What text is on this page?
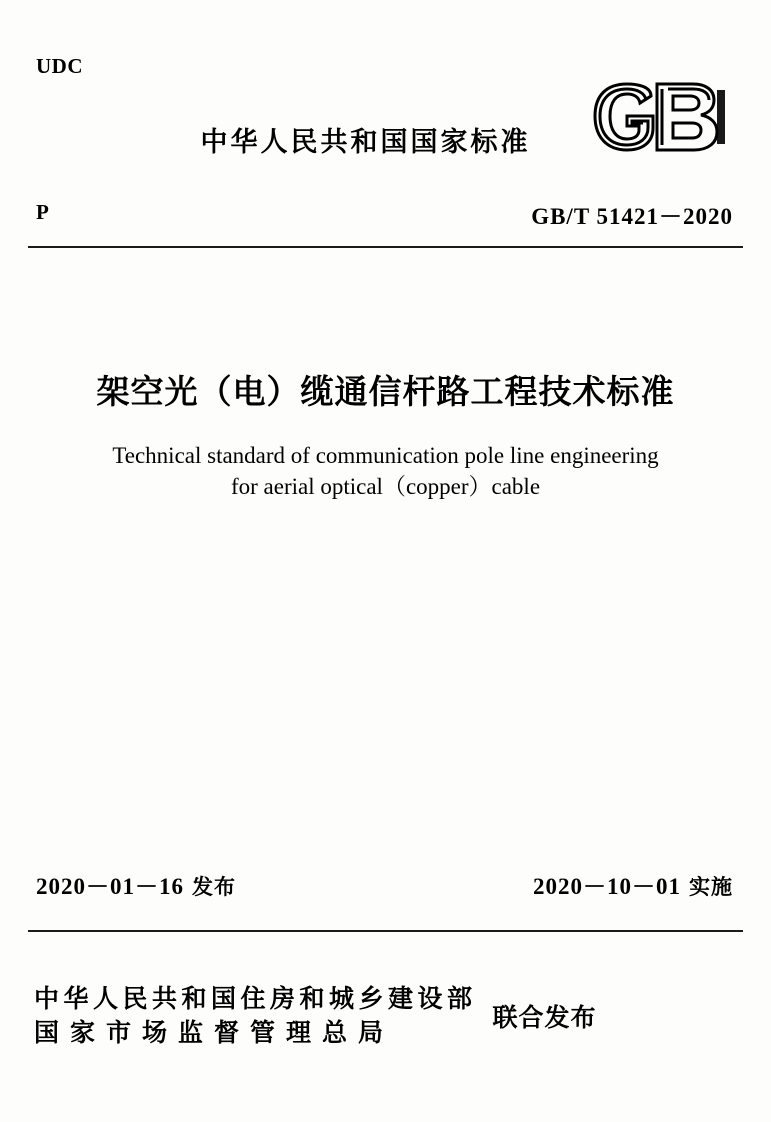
UDC
中华人民共和国国家标准
P	GB/T 51421－2020
架空光（电）缆通信杆路工程技术标准
Technical standard of communication pole line engineering
for aerial optical（copper）cable
2020－01－16 发布	2020－10－01 实施
中华人民共和国住房和城乡建设部
国家市场监督管理总局
联合发布
